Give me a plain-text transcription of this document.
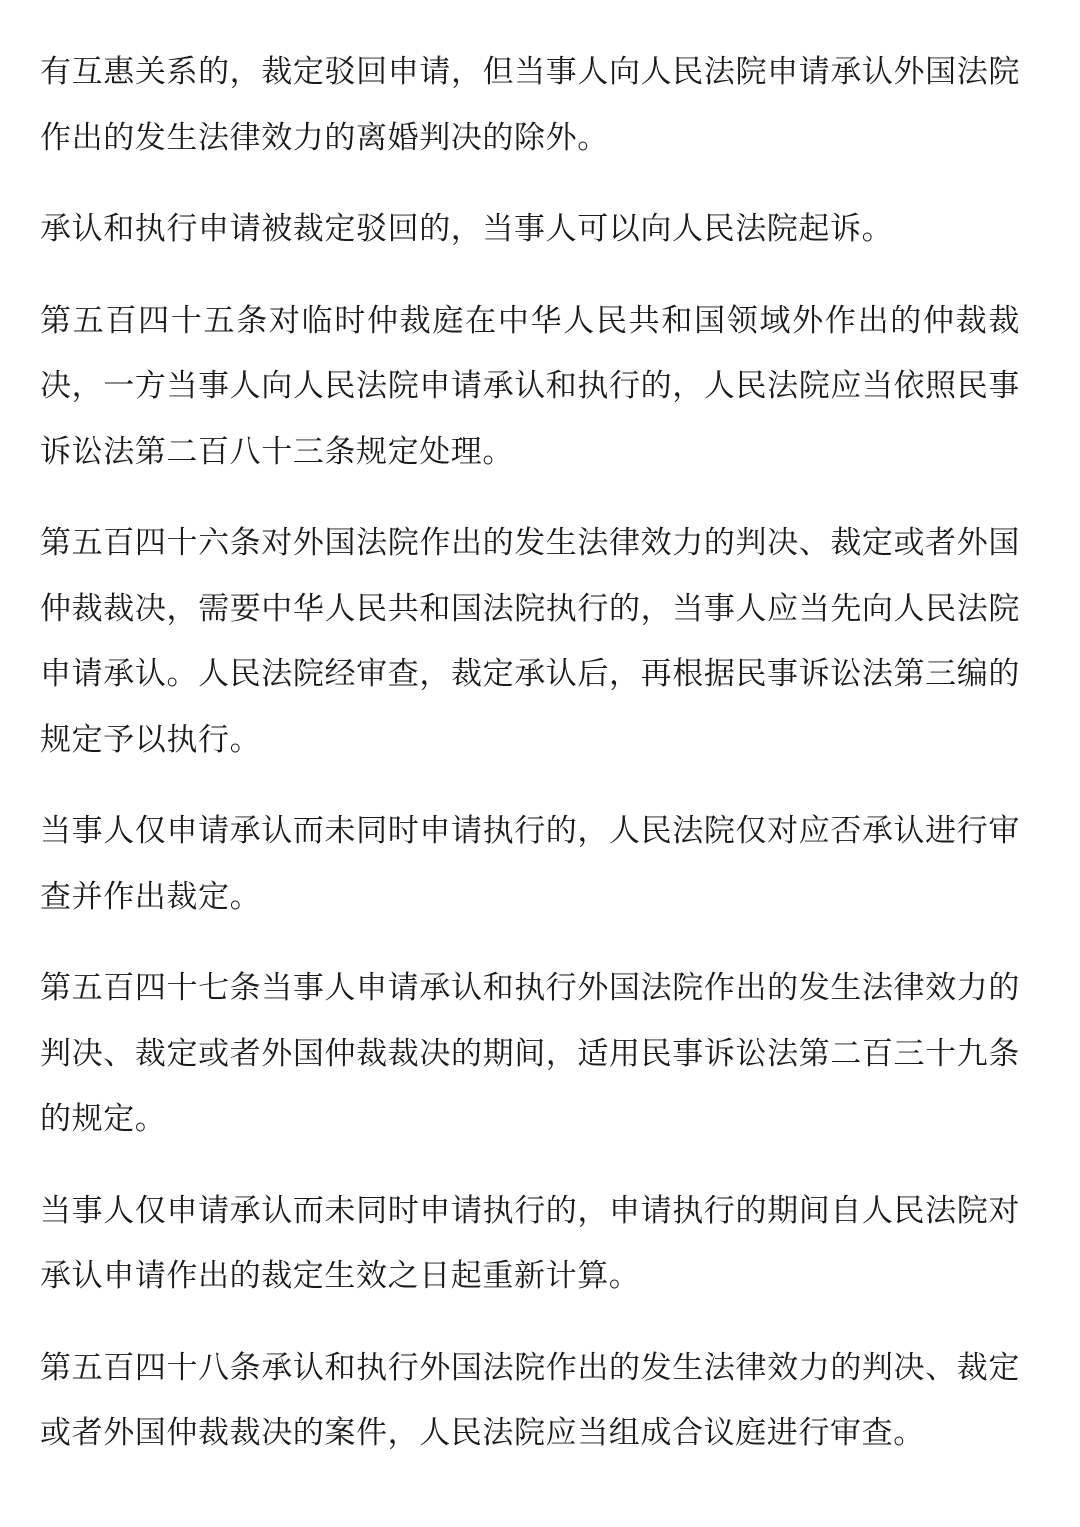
有互惠关系的，裁定驳回申请，但当事人向人民法院申请承认外国法院作出的发生法律效力的离婚判决的除外。

承认和执行申请被裁定驳回的，当事人可以向人民法院起诉。

第五百四十五条对临时仲裁庭在中华人民共和国领域外作出的仲裁裁决，一方当事人向人民法院申请承认和执行的，人民法院应当依照民事诉讼法第二百八十三条规定处理。

第五百四十六条对外国法院作出的发生法律效力的判决、裁定或者外国仲裁裁决，需要中华人民共和国法院执行的，当事人应当先向人民法院申请承认。人民法院经审查，裁定承认后，再根据民事诉讼法第三编的规定予以执行。

当事人仅申请承认而未同时申请执行的，人民法院仅对应否承认进行审查并作出裁定。

第五百四十七条当事人申请承认和执行外国法院作出的发生法律效力的判决、裁定或者外国仲裁裁决的期间，适用民事诉讼法第二百三十九条的规定。

当事人仅申请承认而未同时申请执行的，申请执行的期间自人民法院对承认申请作出的裁定生效之日起重新计算。

第五百四十八条承认和执行外国法院作出的发生法律效力的判决、裁定或者外国仲裁裁决的案件，人民法院应当组成合议庭进行审查。
